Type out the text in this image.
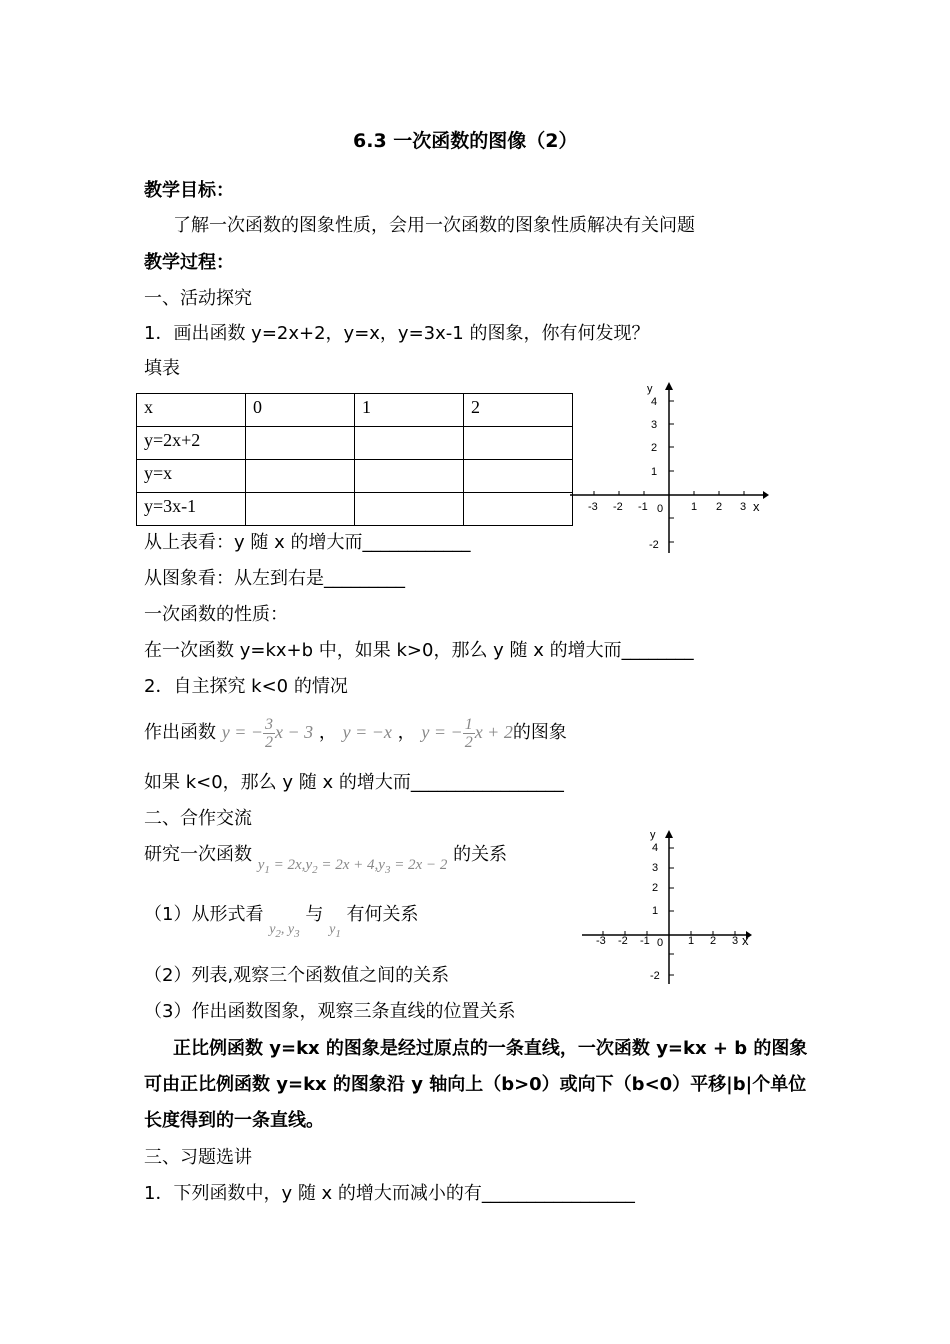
6.3 一次函数的图像（2）
教学目标：
了解一次函数的图象性质，会用一次函数的图象性质解决有关问题
教学过程：
一、活动探究
1．画出函数 y=2x+2，y=x，y=3x-1 的图象，你有何发现？
填表
x	0	1	2
y=2x+2			
y=x			
y=3x-1			
y
4
3
2
1
-2
-3 -2 -1 0	1 2 3 x
从上表看：y 随 x 的增大而____________
从图象看：从左到右是_________
一次函数的性质：
在一次函数 y=kx+b 中，如果 k>0，那么 y 随 x 的增大而________
2．自主探究 k<0 的情况
作出函数 y = − $\frac{3}{2}$ x − 3 ， y = −x ， y = − $\frac{1}{2}$ x + 2的图象
如果 k<0，那么 y 随 x 的增大而_________________
二、合作交流
研究一次函数 $_{y_1 = 2x,y_2 = 2x + 4,y_3 = 2x - 2}$ 的关系
（1）从形式看 $_{y_2, y_3}$ 与 $_{y_1}$ 有何关系
y
4
3
2
1
-2
-3 -2 -1 0 1 2 3 x
（2）列表,观察三个函数值之间的关系
（3）作出函数图象，观察三条直线的位置关系
正比例函数 y=kx 的图象是经过原点的一条直线，一次函数 y=kx + b 的图象
可由正比例函数 y=kx 的图象沿 y 轴向上（b>0）或向下（b<0）平移|b|个单位
长度得到的一条直线。
三、习题选讲
1．下列函数中，y 随 x 的增大而减小的有_________________
